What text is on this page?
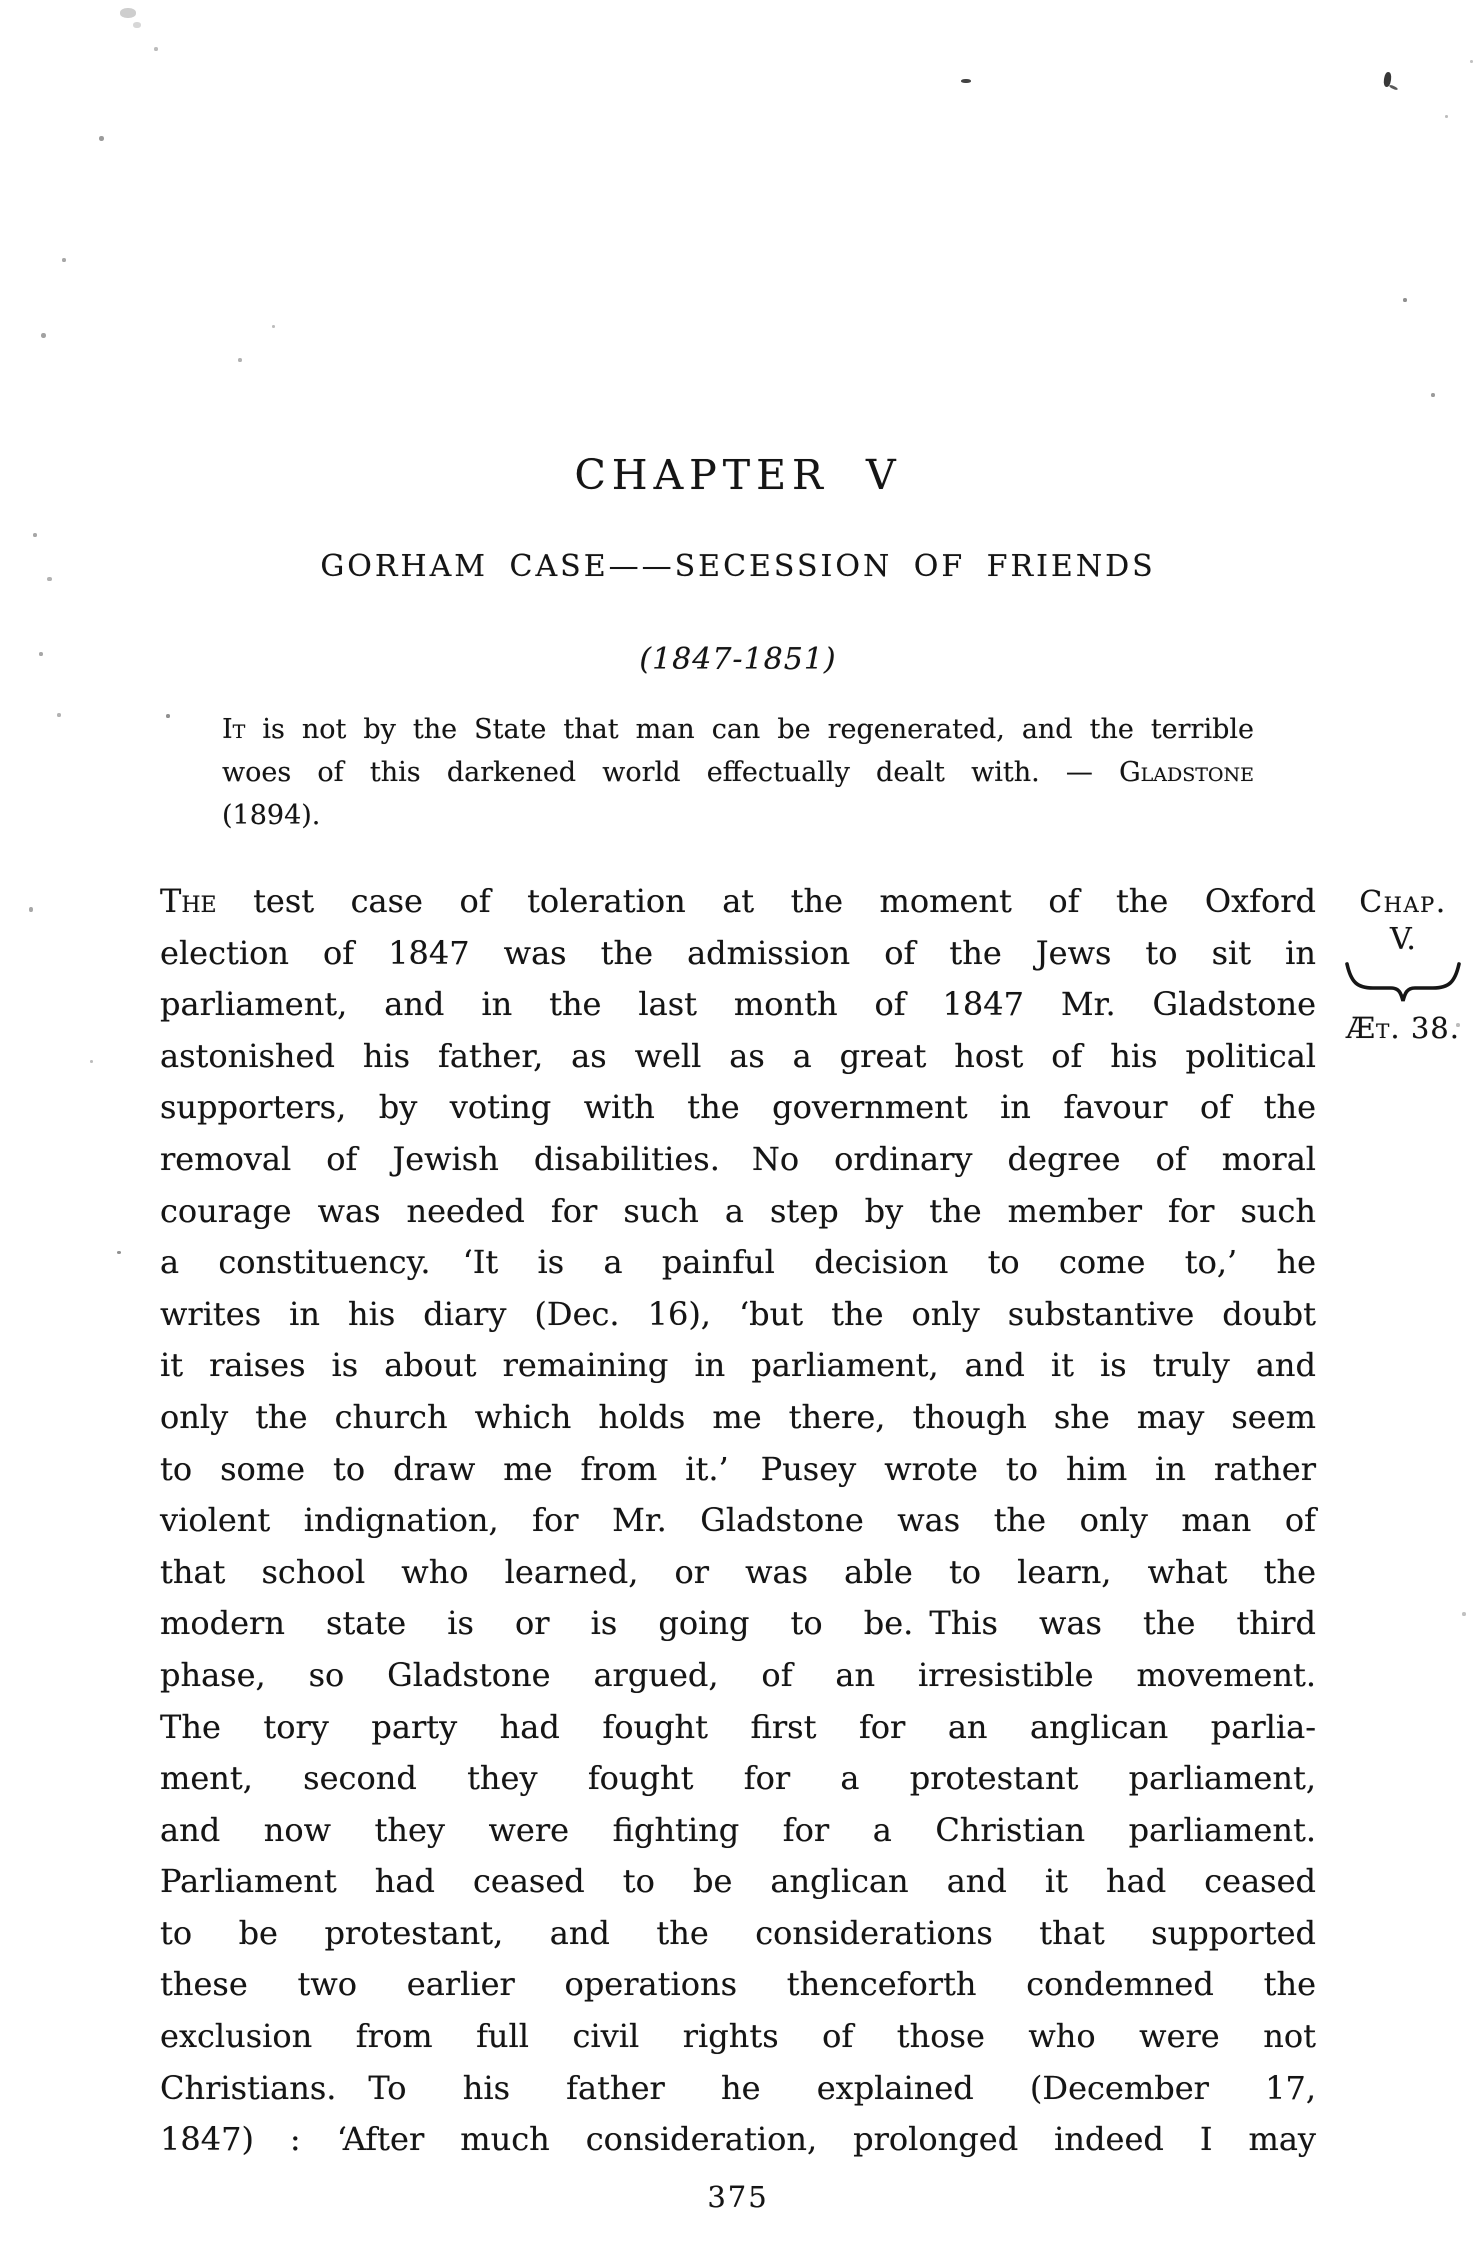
CHAPTER V
GORHAM CASE——SECESSION OF FRIENDS
(1847-1851)
It is not by the State that man can be regenerated, and the terrible
woes of this darkened world effectually dealt with. — Gladstone
(1894).
The test case of toleration at the moment of the Oxford
election of 1847 was the admission of the Jews to sit in
parliament, and in the last month of 1847 Mr. Gladstone
astonished his father, as well as a great host of his political
supporters, by voting with the government in favour of the
removal of Jewish disabilities. No ordinary degree of moral
courage was needed for such a step by the member for such
a constituency. ‘It is a painful decision to come to,’ he
writes in his diary (Dec. 16), ‘but the only substantive doubt
it raises is about remaining in parliament, and it is truly and
only the church which holds me there, though she may seem
to some to draw me from it.’ Pusey wrote to him in rather
violent indignation, for Mr. Gladstone was the only man of
that school who learned, or was able to learn, what the
modern state is or is going to be. This was the third
phase, so Gladstone argued, of an irresistible movement.
The tory party had fought first for an anglican parlia-
ment, second they fought for a protestant parliament,
and now they were fighting for a Christian parliament.
Parliament had ceased to be anglican and it had ceased
to be protestant, and the considerations that supported
these two earlier operations thenceforth condemned the
exclusion from full civil rights of those who were not
Christians. To his father he explained (December 17,
1847) : ‘After much consideration, prolonged indeed I may
Chap.
V.
Æt. 38.
375
